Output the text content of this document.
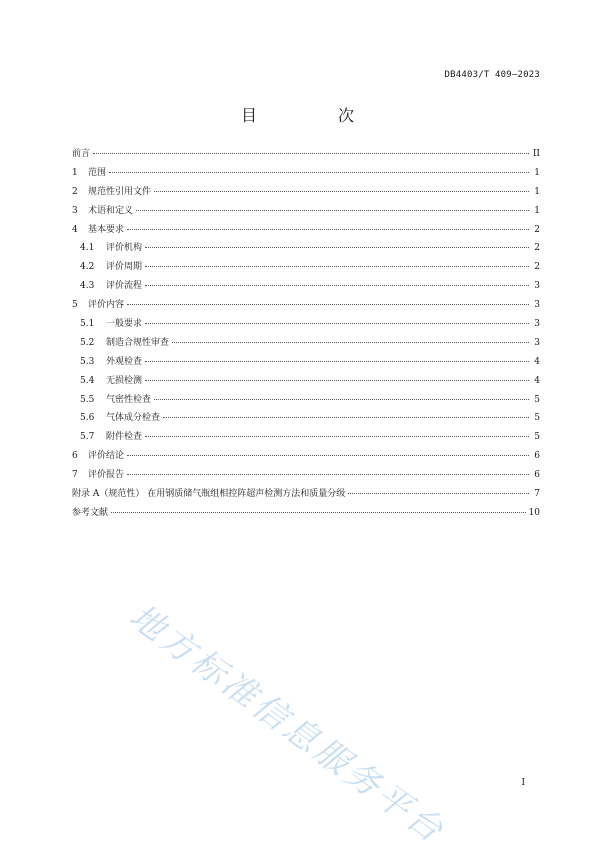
DB4403/T 409—2023
目 次
前言	II
1 范围	1
2 规范性引用文件	1
3 术语和定义	1
4 基本要求	2
4.1 评价机构	2
4.2 评价周期	2
4.3 评价流程	3
5 评价内容	3
5.1 一般要求	3
5.2 制造合规性审查	3
5.3 外观检查	4
5.4 无损检测	4
5.5 气密性检查	5
5.6 气体成分检查	5
5.7 附件检查	5
6 评价结论	6
7 评价报告	6
附录 A（规范性） 在用钢质储气瓶组相控阵超声检测方法和质量分级	7
参考文献	10
地方标准信息服务平台	I
